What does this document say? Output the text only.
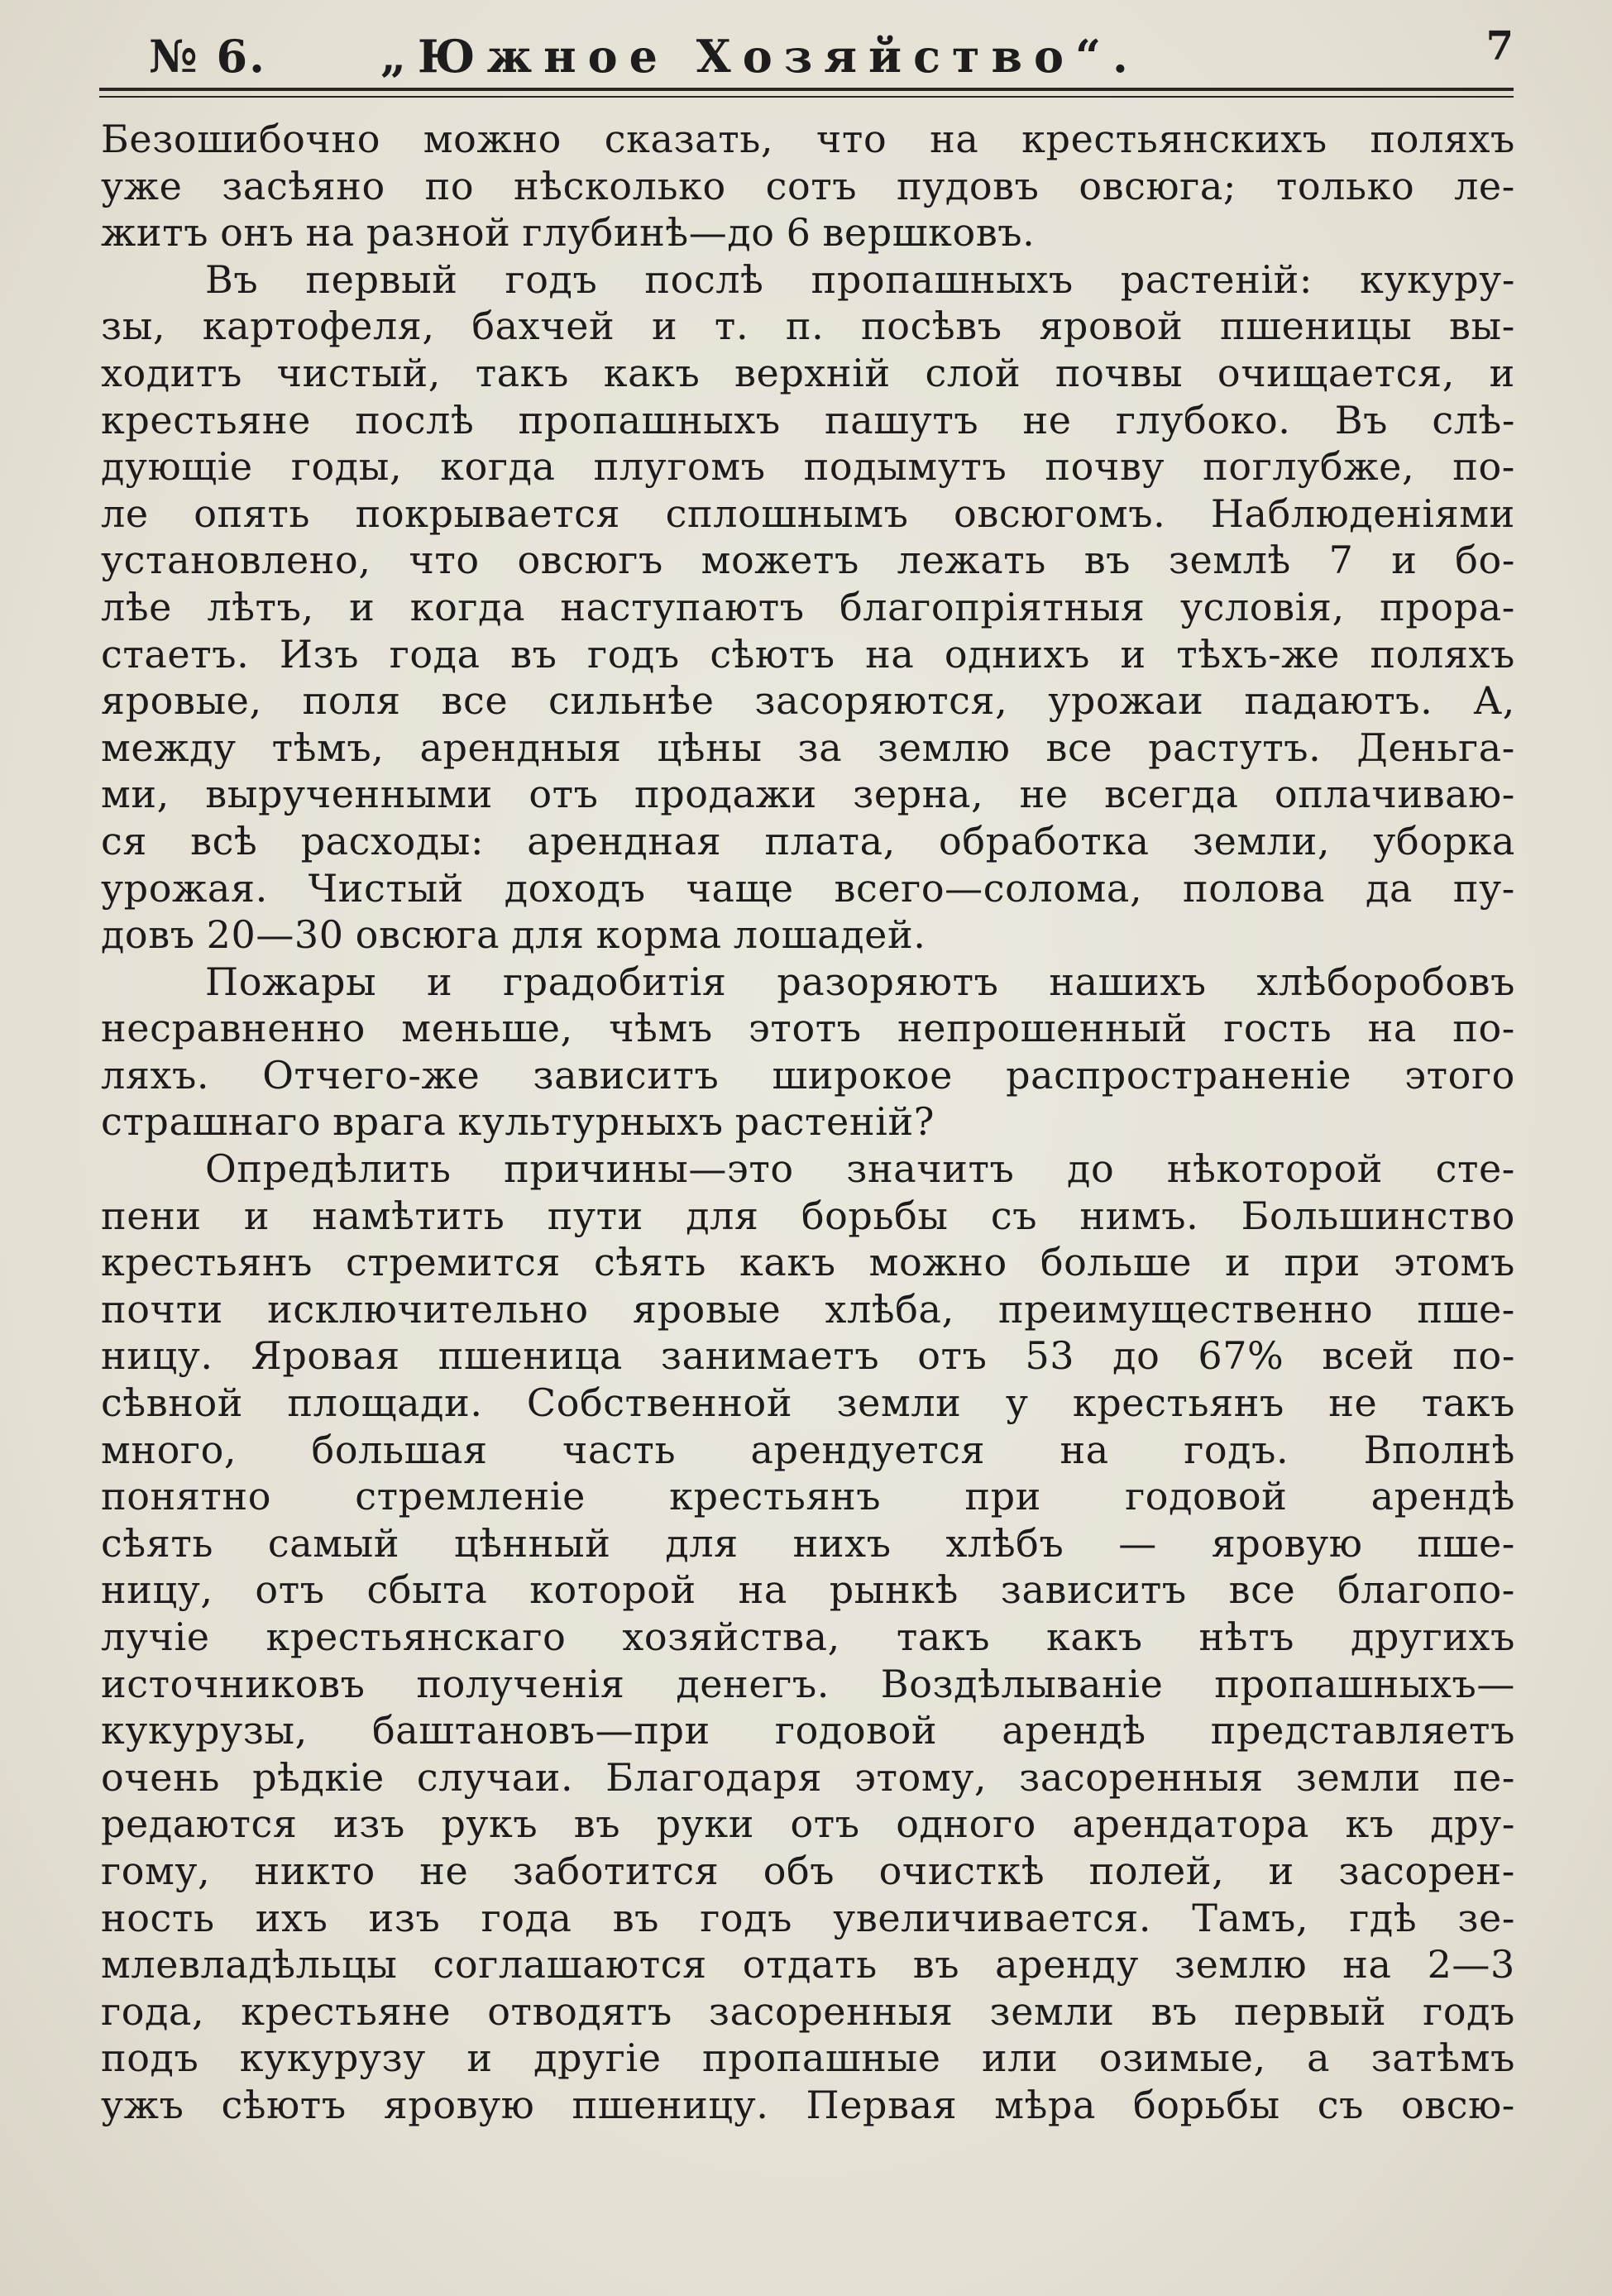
№ 6.	„Южное Хозяйство“.	7
Безошибочно можно сказать, что на крестьянскихъ поляхъ
уже засѣяно по нѣсколько сотъ пудовъ овсюга; только ле-
житъ онъ на разной глубинѣ—до 6 вершковъ.
Въ первый годъ послѣ пропашныхъ растеній: кукуру-
зы, картофеля, бахчей и т. п. посѣвъ яровой пшеницы вы-
ходитъ чистый, такъ какъ верхній слой почвы очищается, и
крестьяне послѣ пропашныхъ пашутъ не глубоко. Въ слѣ-
дующіе годы, когда плугомъ подымутъ почву поглубже, по-
ле опять покрывается сплошнымъ овсюгомъ. Наблюденіями
установлено, что овсюгъ можетъ лежать въ землѣ 7 и бо-
лѣе лѣтъ, и когда наступаютъ благопріятныя условія, прора-
стаетъ. Изъ года въ годъ сѣютъ на однихъ и тѣхъ-же поляхъ
яровые, поля все сильнѣе засоряются, урожаи падаютъ. А,
между тѣмъ, арендныя цѣны за землю все растутъ. Деньга-
ми, вырученными отъ продажи зерна, не всегда оплачиваю-
ся всѣ расходы: арендная плата, обработка земли, уборка
урожая. Чистый доходъ чаще всего—солома, полова да пу-
довъ 20—30 овсюга для корма лошадей.
Пожары и градобитія разоряютъ нашихъ хлѣборобовъ
несравненно меньше, чѣмъ этотъ непрошенный гость на по-
ляхъ. Отчего-же зависитъ широкое распространеніе этого
страшнаго врага культурныхъ растеній?
Опредѣлить причины—это значитъ до нѣкоторой сте-
пени и намѣтить пути для борьбы съ нимъ. Большинство
крестьянъ стремится сѣять какъ можно больше и при этомъ
почти исключительно яровые хлѣба, преимущественно пше-
ницу. Яровая пшеница занимаетъ отъ 53 до 67% всей по-
сѣвной площади. Собственной земли у крестьянъ не такъ
много, большая часть арендуется на годъ. Вполнѣ
понятно стремленіе крестьянъ при годовой арендѣ
сѣять самый цѣнный для нихъ хлѣбъ — яровую пше-
ницу, отъ сбыта которой на рынкѣ зависитъ все благопо-
лучіе крестьянскаго хозяйства, такъ какъ нѣтъ другихъ
источниковъ полученія денегъ. Воздѣлываніе пропашныхъ—
кукурузы, баштановъ—при годовой арендѣ представляетъ
очень рѣдкіе случаи. Благодаря этому, засоренныя земли пе-
редаются изъ рукъ въ руки отъ одного арендатора къ дру-
гому, никто не заботится объ очисткѣ полей, и засорен-
ность ихъ изъ года въ годъ увеличивается. Тамъ, гдѣ зе-
млевладѣльцы соглашаются отдать въ аренду землю на 2—3
года, крестьяне отводятъ засоренныя земли въ первый годъ
подъ кукурузу и другіе пропашные или озимые, а затѣмъ
ужъ сѣютъ яровую пшеницу. Первая мѣра борьбы съ овсю-
